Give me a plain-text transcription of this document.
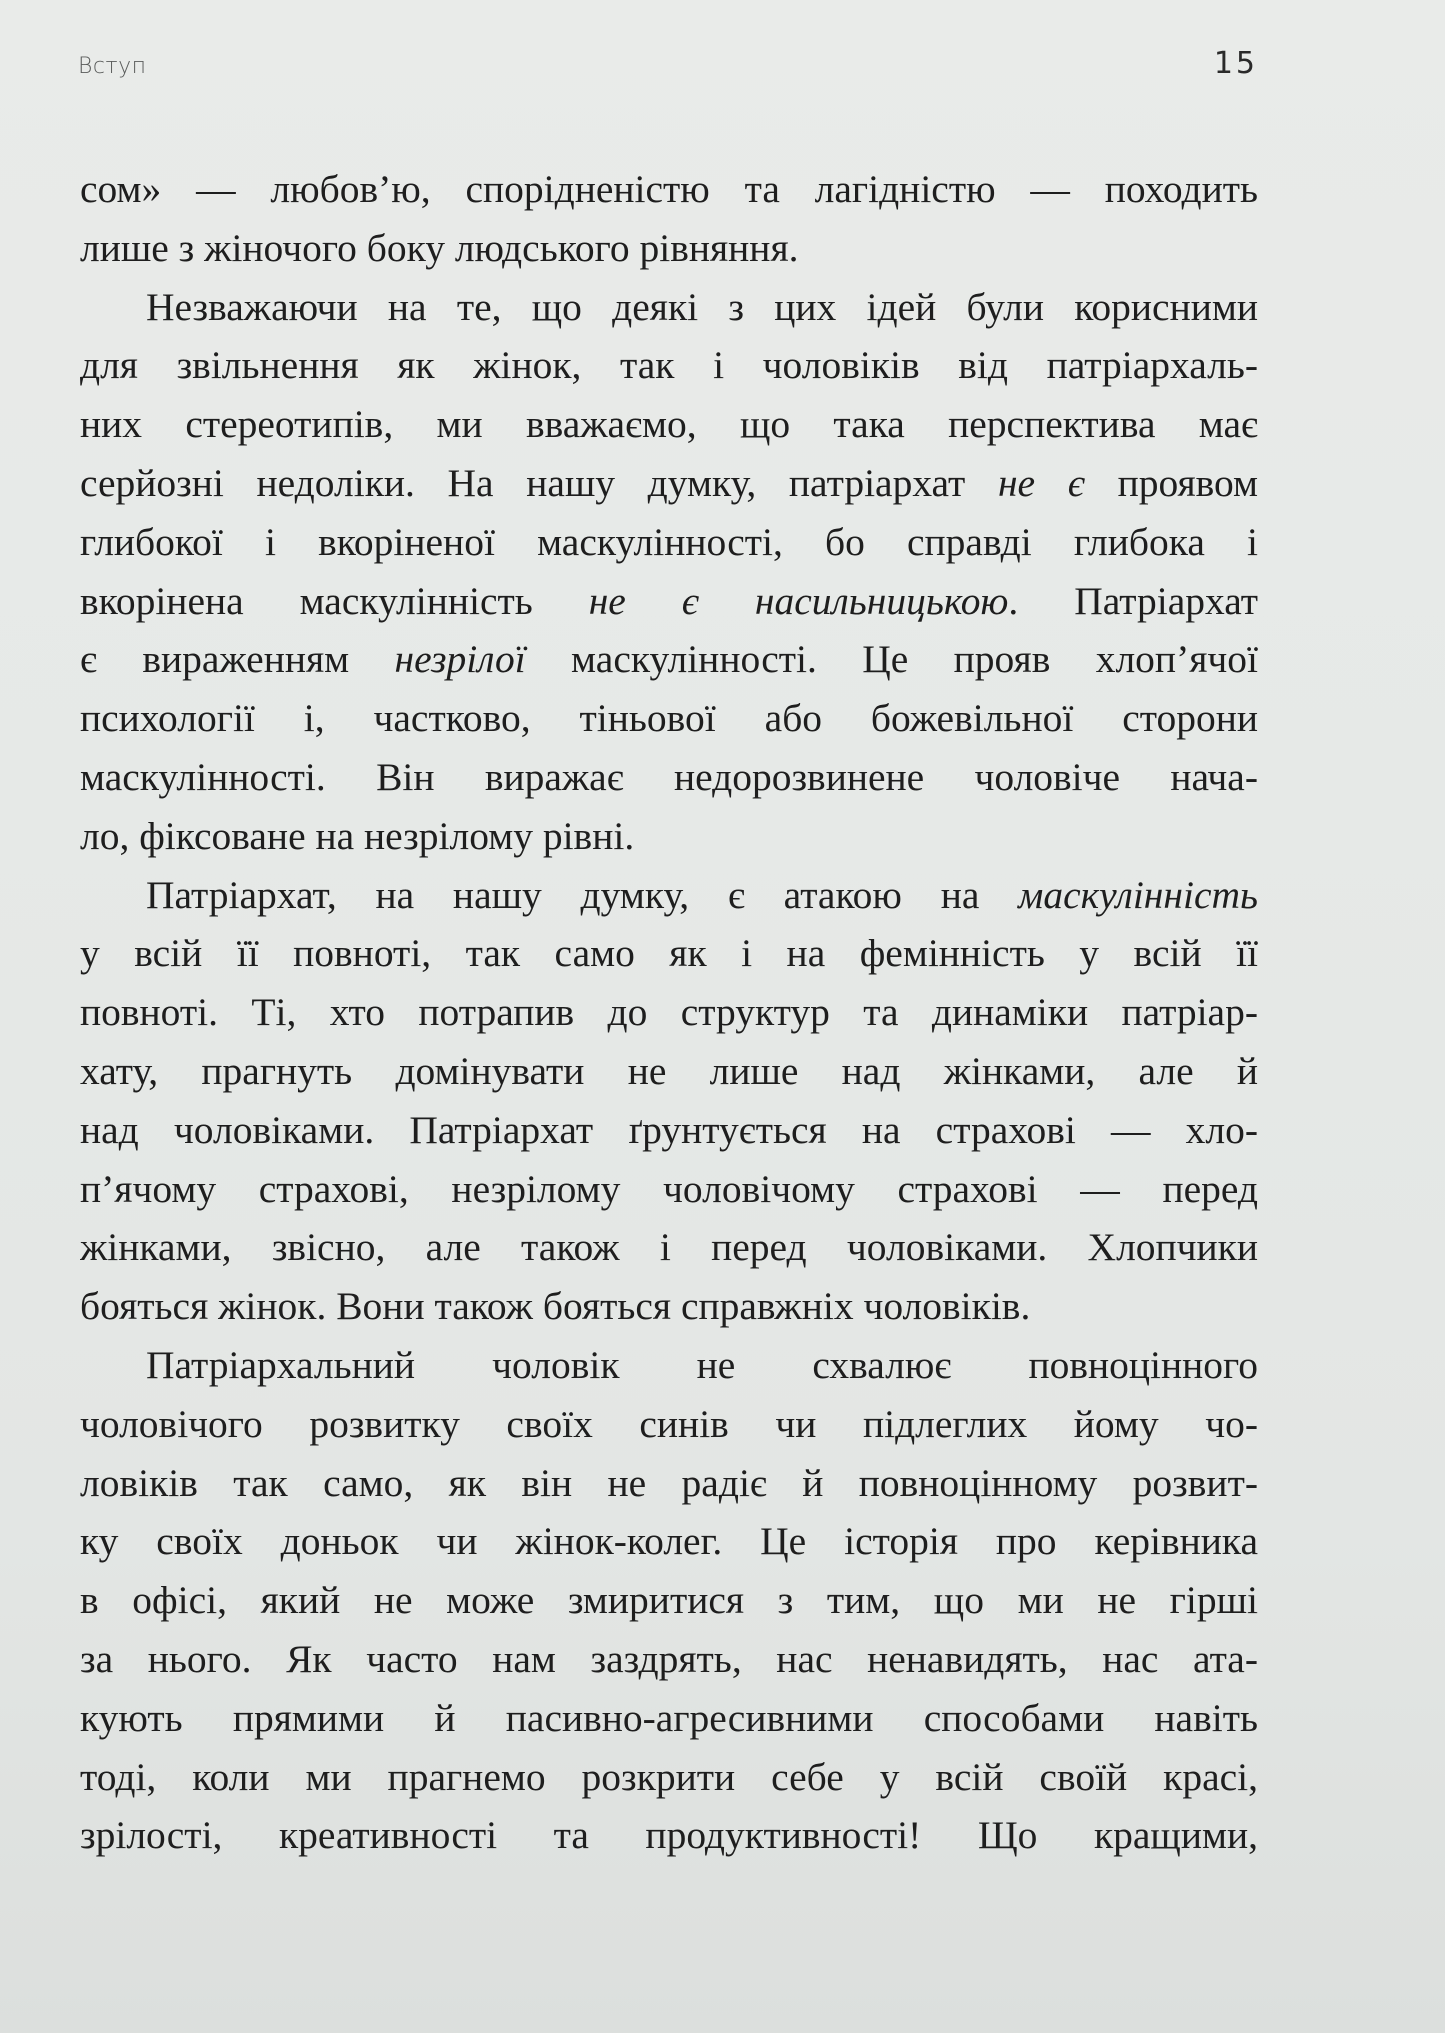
Вступ	15
сом» — любов’ю, спорідненістю та лагідністю — походить
лише з жіночого боку людського рівняння.
Незважаючи на те, що деякі з цих ідей були корисними
для звільнення як жінок, так і чоловіків від патріархаль-
них стереотипів, ми вважаємо, що така перспектива має
серйозні недоліки. На нашу думку, патріархат не є проявом
глибокої і вкоріненої маскулінності, бо справді глибока і
вкорінена маскулінність не є насильницькою. Патріархат
є вираженням незрілої маскулінності. Це прояв хлоп’ячої
психології і, частково, тіньової або божевільної сторони
маскулінності. Він виражає недорозвинене чоловіче нача-
ло, фіксоване на незрілому рівні.
Патріархат, на нашу думку, є атакою на маскулінність
у всій її повноті, так само як і на фемінність у всій її
повноті. Ті, хто потрапив до структур та динаміки патріар-
хату, прагнуть домінувати не лише над жінками, але й
над чоловіками. Патріархат ґрунтується на страхові — хло-
п’ячому страхові, незрілому чоловічому страхові — перед
жінками, звісно, але також і перед чоловіками. Хлопчики
бояться жінок. Вони також бояться справжніх чоловіків.
Патріархальний чоловік не схвалює повноцінного
чоловічого розвитку своїх синів чи підлеглих йому чо-
ловіків так само, як він не радіє й повноцінному розвит-
ку своїх доньок чи жінок-колег. Це історія про керівника
в офісі, який не може змиритися з тим, що ми не гірші
за нього. Як часто нам заздрять, нас ненавидять, нас ата-
кують прямими й пасивно-агресивними способами навіть
тоді, коли ми прагнемо розкрити себе у всій своїй красі,
зрілості, креативності та продуктивності! Що кращими,
